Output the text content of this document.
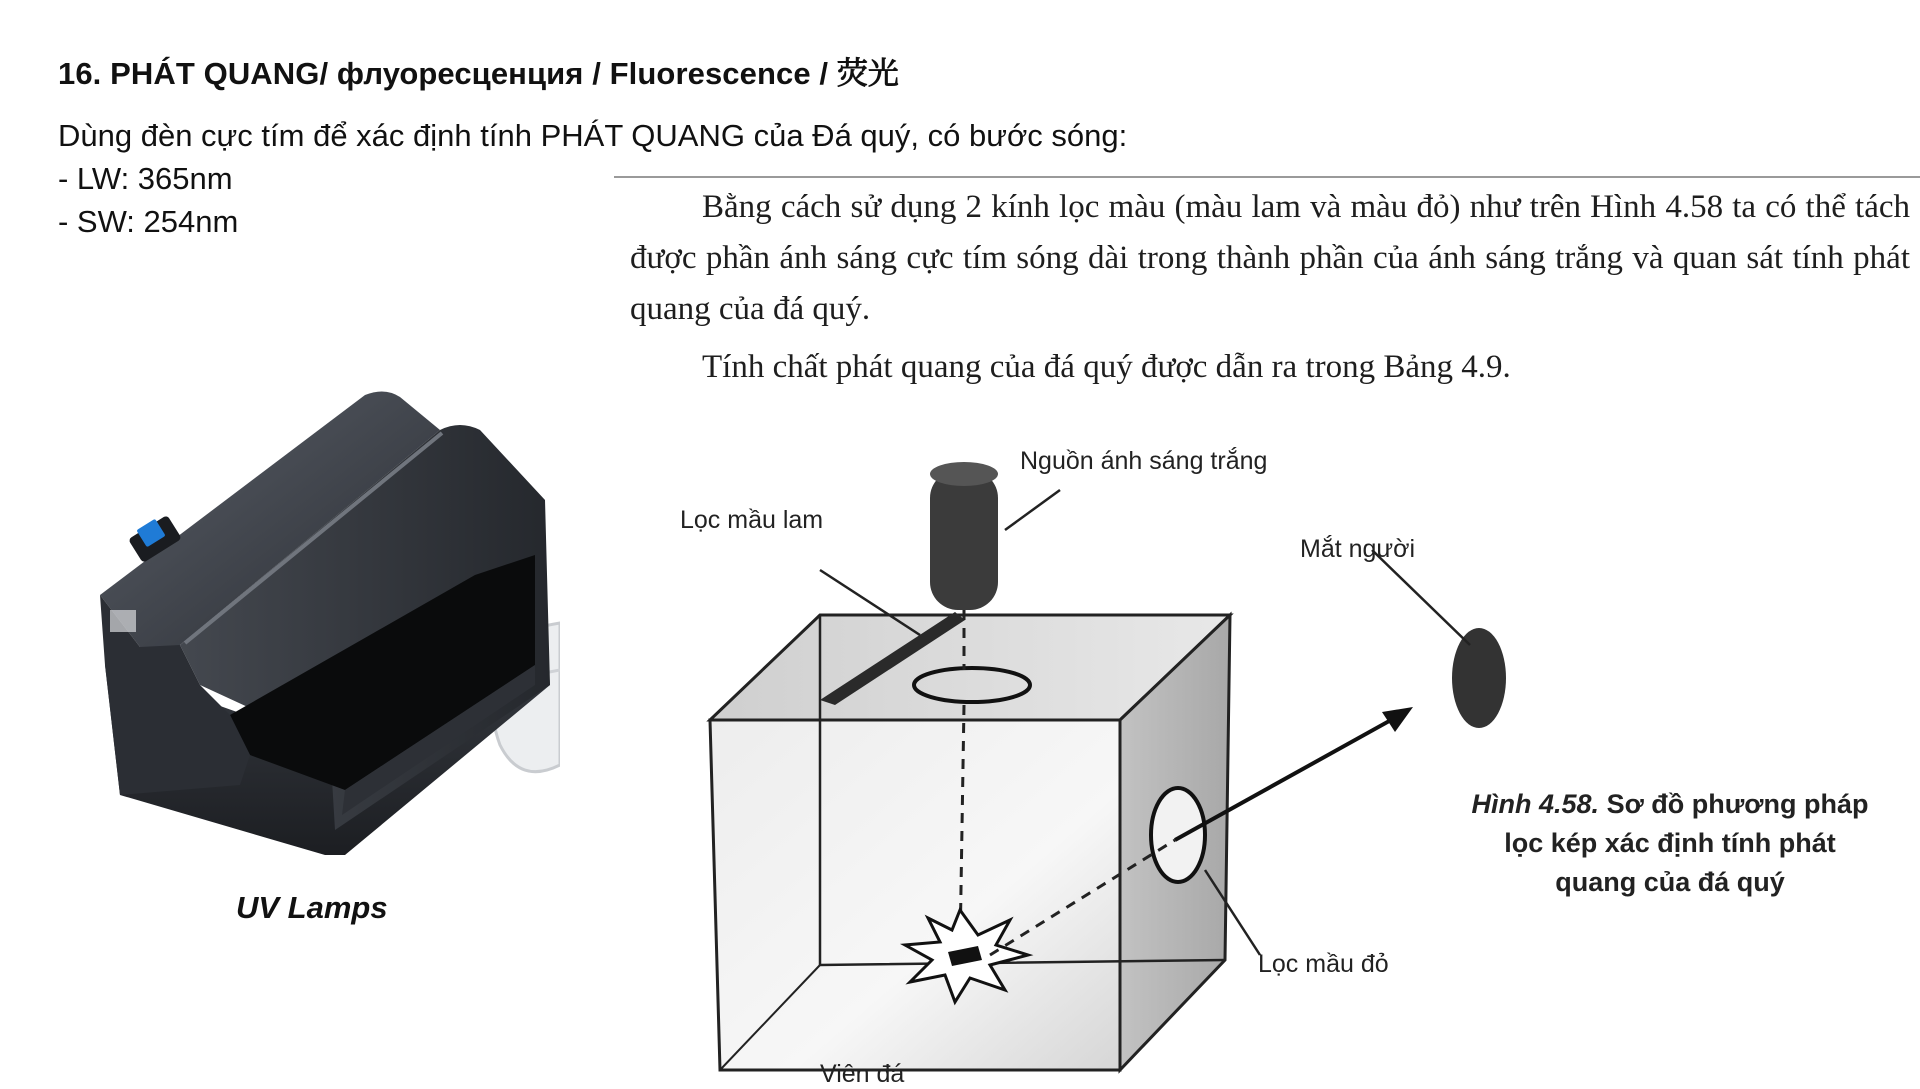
16. PHÁT QUANG/ флуоресценция / Fluorescence / 荧光
Dùng đèn cực tím để xác định tính PHÁT QUANG của Đá quý, có bước sóng:
- LW: 365nm
- SW: 254nm
UV Lamps
Bằng cách sử dụng 2 kính lọc màu (màu lam và màu đỏ) như trên Hình 4.58 ta có thể tách được phần ánh sáng cực tím sóng dài trong thành phần của ánh sáng trắng và quan sát tính phát quang của đá quý.
Tính chất phát quang của đá quý được dẫn ra trong Bảng 4.9.
Nguồn ánh sáng trắng
Lọc mầu lam
Mắt người
Lọc mầu đỏ
Viên đá
Hình 4.58. Sơ đồ phương pháp lọc kép xác định tính phát quang của đá quý
